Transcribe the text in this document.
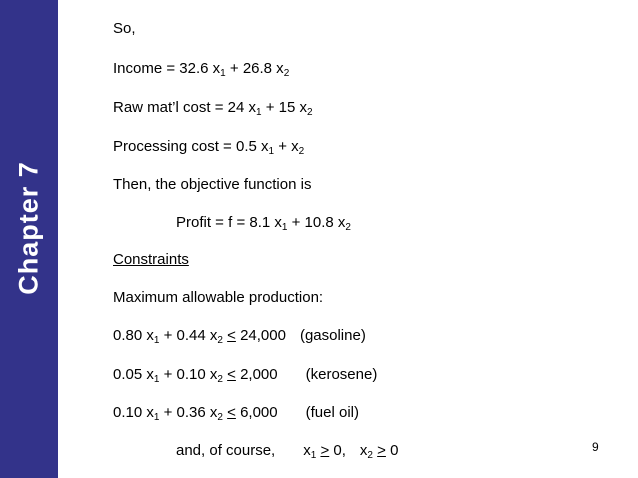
Chapter 7
So,
Income = 32.6 $x_1 + 26.8$ $x_2$
Raw mat’l cost = 24 $x_1 + 15$ $x_2$
Processing cost = 0.5 $x_1 + x_2$
Then, the objective function is
Profit = f = 8.1 $x_1 + 10.8$ $x_2$
Constraints
Maximum allowable production:
0.80 $x_1 + 0.44$ $x_2 < 24,000$ (gasoline)
0.05 $x_1 + 0.10$ $x_2 < 2,000$ (kerosene)
0.10 $x_1 + 0.36$ $x_2 < 6,000$ (fuel oil)
and, of course, $x_1 > 0$, $x_2 > 0$	9
